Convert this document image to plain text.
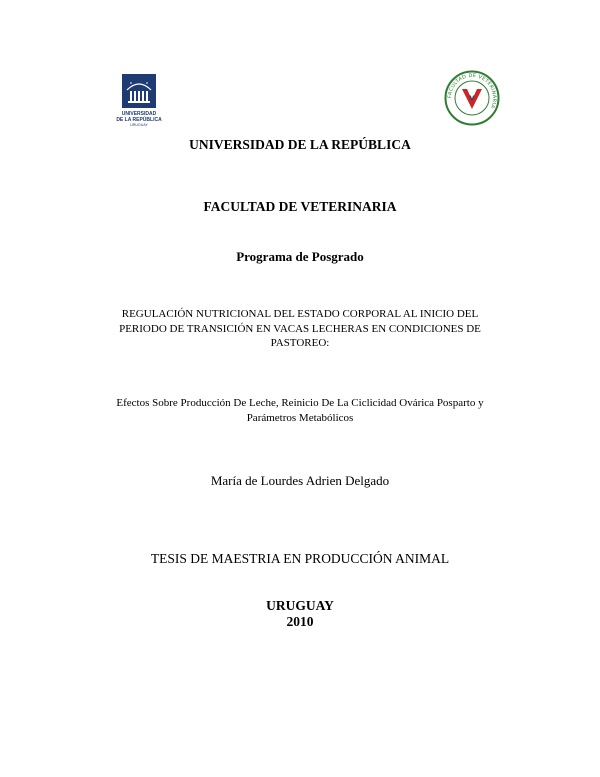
UNIVERSIDAD
DE LA REPÚBLICA
URUGUAY
FACULTAD DE VETERINARIA
V
UNIVERSIDAD DE LA REPÚBLICA
FACULTAD DE VETERINARIA
Programa de Posgrado
REGULACIÓN NUTRICIONAL DEL ESTADO CORPORAL AL INICIO DEL PERIODO DE TRANSICIÓN EN VACAS LECHERAS EN CONDICIONES DE PASTOREO:
Efectos Sobre Producción De Leche, Reinicio De La Ciclicidad Ovárica Posparto y Parámetros Metabólicos
María de Lourdes Adrien Delgado
TESIS DE MAESTRIA EN PRODUCCIÓN ANIMAL
URUGUAY
2010
